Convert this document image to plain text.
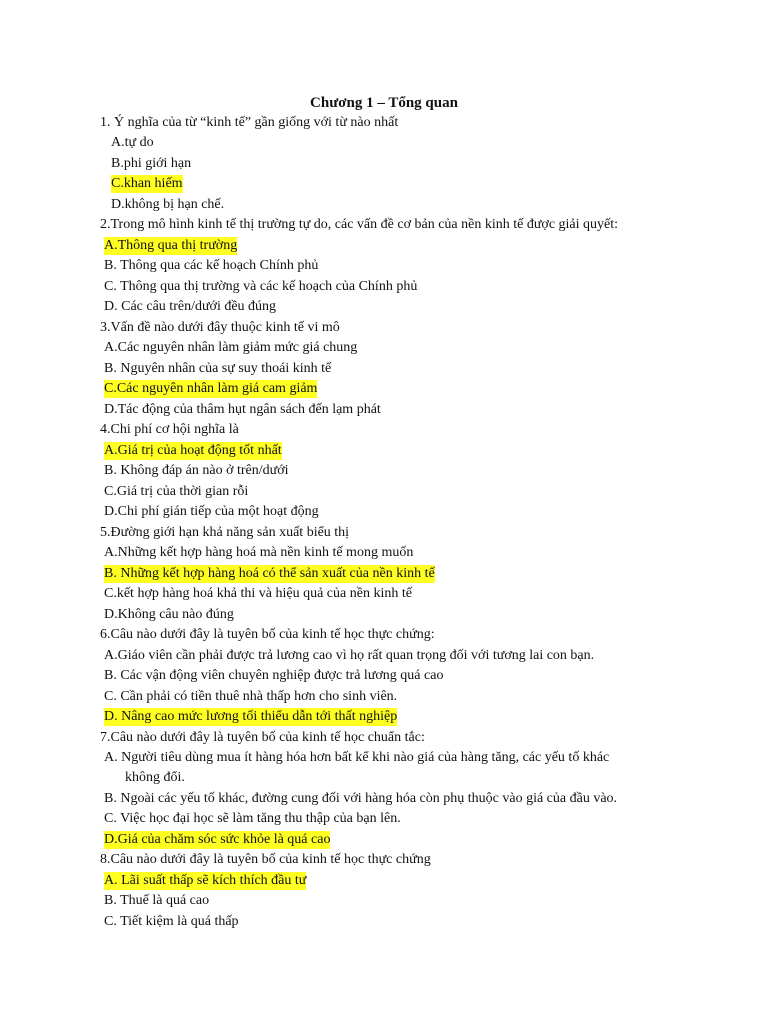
Chương 1 – Tổng quan
1. Ý nghĩa của từ “kinh tế” gần giống với từ nào nhất
A.tự do
B.phi giới hạn
C.khan hiếm
D.không bị hạn chế.
2.Trong mô hình kinh tế thị trường tự do, các vấn đề cơ bản của nền kinh tế được giải quyết:
A.Thông qua thị trường
B. Thông qua các kế hoạch Chính phủ
C. Thông qua thị trường và các kế hoạch của Chính phủ
D. Các câu trên/dưới đều đúng
3.Vấn đề nào dưới đây thuộc kinh tế vi mô
A.Các nguyên nhân làm giảm mức giá chung
B. Nguyên nhân của sự suy thoái kinh tế
C.Các nguyên nhân làm giá cam giảm
D.Tác động của thâm hụt ngân sách đến lạm phát
4.Chi phí cơ hội nghĩa là
A.Giá trị của hoạt động tốt nhất
B. Không đáp án nào ở trên/dưới
C.Giá trị của thời gian rỗi
D.Chi phí gián tiếp của một hoạt động
5.Đường giới hạn khả năng sản xuất biểu thị
A.Những kết hợp hàng hoá mà nền kinh tế mong muốn
B. Những kết hợp hàng hoá có thể sản xuất của nền kinh tế
C.kết hợp hàng hoá khả thi và hiệu quả của nền kinh tế
D.Không câu nào đúng
6.Câu nào dưới đây là tuyên bố của kinh tế học thực chứng:
A.Giáo viên cần phải được trả lương cao vì họ rất quan trọng đối với tương lai con bạn.
B. Các vận động viên chuyên nghiệp được trả lương quá cao
C. Cần phải có tiền thuê nhà thấp hơn cho sinh viên.
D. Nâng cao mức lương tối thiểu dẫn tới thất nghiệp
7.Câu nào dưới đây là tuyên bố của kinh tế học chuẩn tắc:
A. Người tiêu dùng mua ít hàng hóa hơn bất kể khi nào giá của hàng tăng, các yếu tố khác
không đổi.
B. Ngoài các yếu tố khác, đường cung đối với hàng hóa còn phụ thuộc vào giá của đầu vào.
C. Việc học đại học sẽ làm tăng thu thập của bạn lên.
D.Giá của chăm sóc sức khỏe là quá cao
8.Câu nào dưới đây là tuyên bố của kinh tế học thực chứng
A. Lãi suất thấp sẽ kích thích đầu tư
B. Thuế là quá cao
C. Tiết kiệm là quá thấp
